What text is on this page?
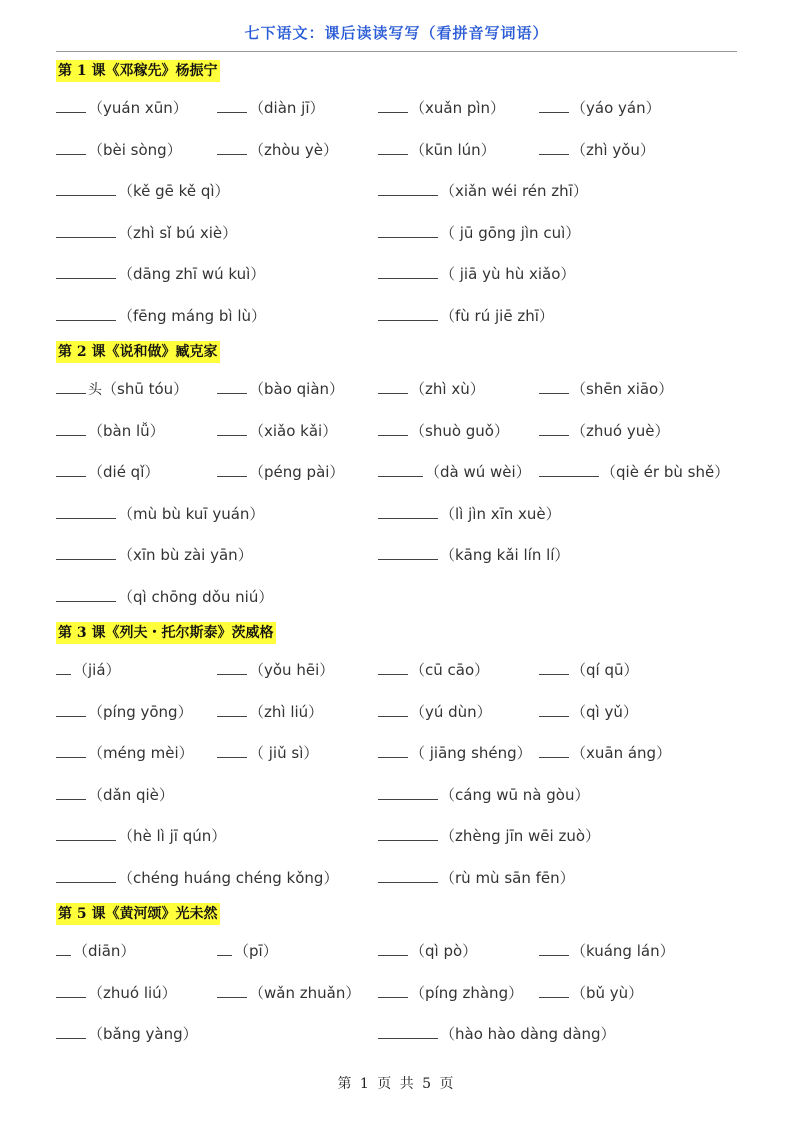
七下语文：课后读读写写（看拼音写词语）
第 1 课《邓稼先》杨振宁
（yuán xūn）	（diàn jī）	（xuǎn pìn）	（yáo yán）
（bèi sòng）	（zhòu yè）	（kūn lún）	（zhì yǒu）
（kě gē kě qì）	（xiǎn wéi rén zhī）
（zhì sǐ bú xiè）	（ jū gōng jìn cuì）
（dāng zhī wú kuì）	（ jiā yù hù xiǎo）
（fēng máng bì lù）	（fù rú jiē zhī）
第 2 课《说和做》臧克家
头（shū tóu）	（bào qiàn）	（zhì xù）	（shēn xiāo）
（bàn lǚ）	（xiǎo kǎi）	（shuò guǒ）	（zhuó yuè）
（dié qǐ）	（péng pài）	（dà wú wèi）	（qiè ér bù shě）
（mù bù kuī yuán）	（lì jìn xīn xuè）
（xīn bù zài yān）	（kāng kǎi lín lí）
（qì chōng dǒu niú）
第 3 课《列夫・托尔斯泰》茨威格
（jiá）	（yǒu hēi）	（cū cāo）	（qí qū）
（píng yōng）	（zhì liú）	（yú dùn）	（qì yǔ）
（méng mèi）	（ jiǔ sì）	（ jiāng shéng）	（xuān áng）
（dǎn qiè）	（cáng wū nà gòu）
（hè lì jī qún）	（zhèng jīn wēi zuò）
（chéng huáng chéng kǒng）	（rù mù sān fēn）
第 5 课《黄河颂》光未然
（diān）	（pī）	（qì pò）	（kuáng lán）
（zhuó liú）	（wǎn zhuǎn）	（píng zhàng）	（bǔ yù）
（bǎng yàng）	（hào hào dàng dàng）
第 1 页 共 5 页
